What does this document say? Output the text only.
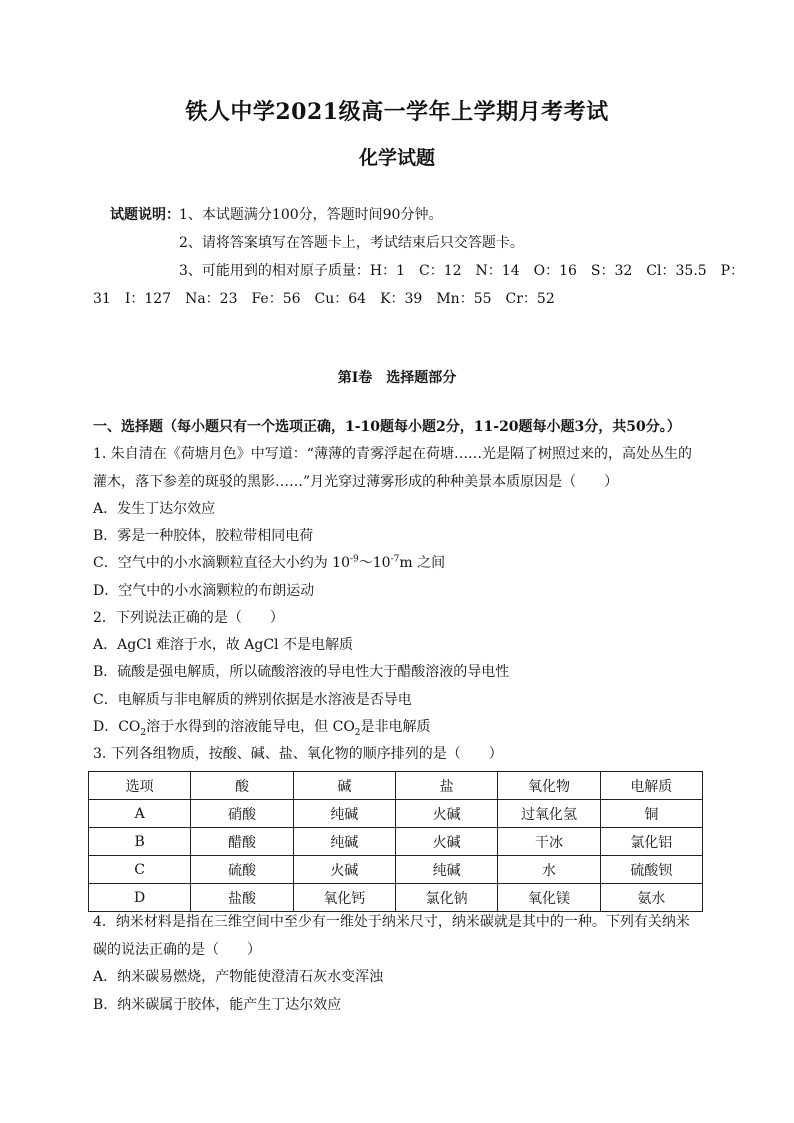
铁人中学2021级高一学年上学期月考考试
化学试题
试题说明： 1、本试题满分100分，答题时间90分钟。
2、请将答案填写在答题卡上，考试结束后只交答题卡。
3、可能用到的相对原子质量：H：1　C：12　N：14　O：16　S：32　Cl：35.5　P：
31　I：127　Na：23　Fe：56　Cu：64　K：39　Mn：55　Cr：52
第Ⅰ卷　选择题部分
一、选择题（每小题只有一个选项正确，1-10题每小题2分，11-20题每小题3分，共50分。）
1. 朱自清在《荷塘月色》中写道：“薄薄的青雾浮起在荷塘……光是隔了树照过来的，高处丛生的
灌木，落下参差的斑驳的黑影……”月光穿过薄雾形成的种种美景本质原因是（　　）
A．发生丁达尔效应
B．雾是一种胶体，胶粒带相同电荷
C．空气中的小水滴颗粒直径大小约为 $10^{-9}\sim 10^{-7}m$ 之间
D．空气中的小水滴颗粒的布朗运动
2．下列说法正确的是（　　）
A．AgCl 难溶于水，故 AgCl 不是电解质
B．硫酸是强电解质，所以硫酸溶液的导电性大于醋酸溶液的导电性
C．电解质与非电解质的辨别依据是水溶液是否导电
D．$CO_2$溶于水得到的溶液能导电，但 $CO_2$是非电解质
3. 下列各组物质，按酸、碱、盐、氧化物的顺序排列的是（　　）
选项	酸	碱	盐	氧化物	电解质
A	硝酸	纯碱	火碱	过氧化氢	铜
B	醋酸	纯碱	火碱	干冰	氯化铝
C	硫酸	火碱	纯碱	水	硫酸钡
D	盐酸	氧化钙	氯化钠	氧化镁	氨水
4．纳米材料是指在三维空间中至少有一维处于纳米尺寸，纳米碳就是其中的一种。下列有关纳米
碳的说法正确的是（　　）
A．纳米碳易燃烧，产物能使澄清石灰水变浑浊
B．纳米碳属于胶体，能产生丁达尔效应
